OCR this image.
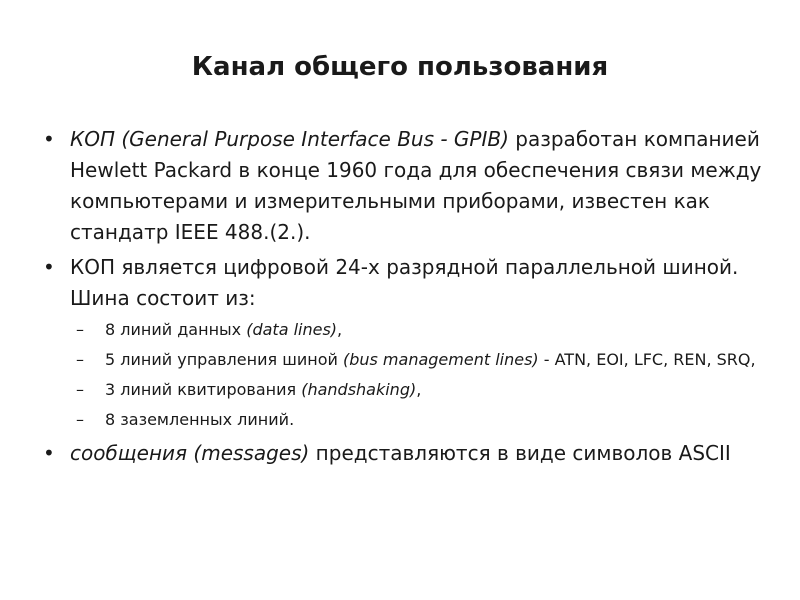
Канал общего пользования
• КОП (General Purpose Interface Bus - GPIB) разработан компанией Hewlett Packard в конце 1960 года для обеспечения связи между компьютерами и измерительными приборами, известен как стандатр IEEE 488.(2.).
• КОП является цифровой 24-х разрядной параллельной шиной. Шина состоит из:
– 8 линий данных (data lines),
– 5 линий управления шиной (bus management lines) - ATN, EOI, LFC, REN, SRQ,
– 3 линий квитирования (handshaking),
– 8 заземленных линий.
• сообщения (messages) представляются в виде символов ASCII
